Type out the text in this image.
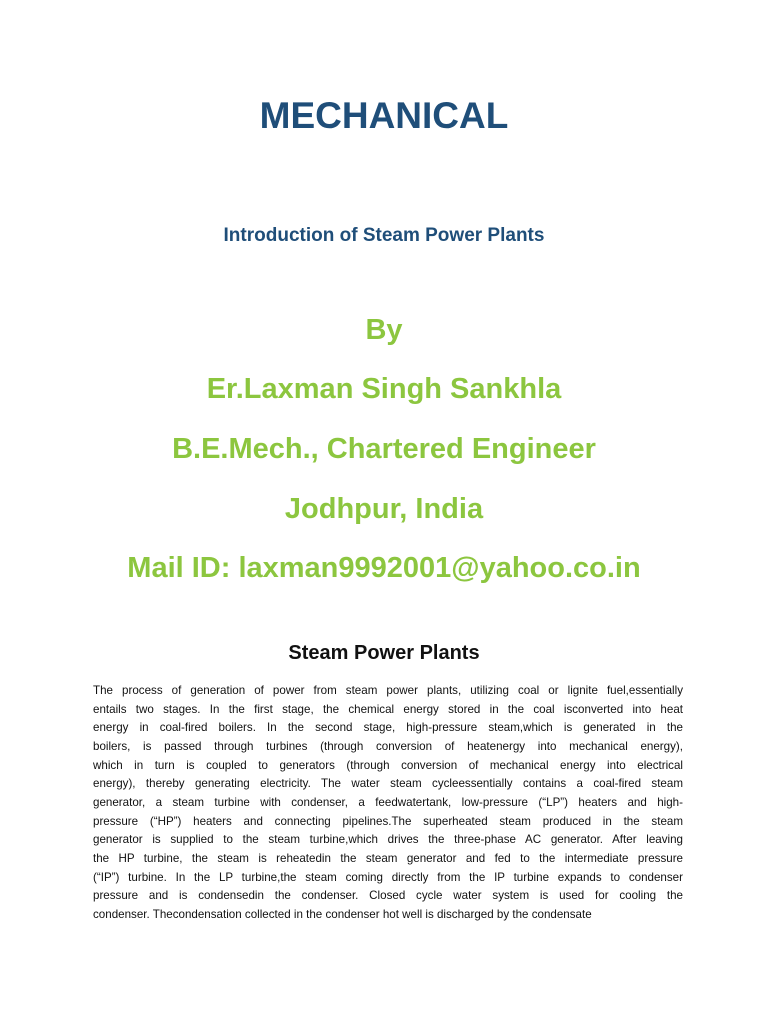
MECHANICAL
Introduction of Steam Power Plants
By
Er.Laxman Singh Sankhla
B.E.Mech., Chartered Engineer
Jodhpur, India
Mail ID: laxman9992001@yahoo.co.in
Steam Power Plants
The process of generation of power from steam power plants, utilizing coal or lignite fuel,essentially
entails two stages. In the first stage, the chemical energy stored in the coal isconverted into heat
energy in coal-fired boilers. In the second stage, high-pressure steam,which is generated in the
boilers, is passed through turbines (through conversion of heatenergy into mechanical energy),
which in turn is coupled to generators (through conversion of mechanical energy into electrical
energy), thereby generating electricity. The water steam cycleessentially contains a coal-fired steam
generator, a steam turbine with condenser, a feedwatertank, low-pressure (“LP”) heaters and high-
pressure (“HP”) heaters and connecting pipelines.The superheated steam produced in the steam
generator is supplied to the steam turbine,which drives the three-phase AC generator. After leaving
the HP turbine, the steam is reheatedin the steam generator and fed to the intermediate pressure
(“IP”) turbine. In the LP turbine,the steam coming directly from the IP turbine expands to condenser
pressure and is condensedin the condenser. Closed cycle water system is used for cooling the
condenser. Thecondensation collected in the condenser hot well is discharged by the condensate
